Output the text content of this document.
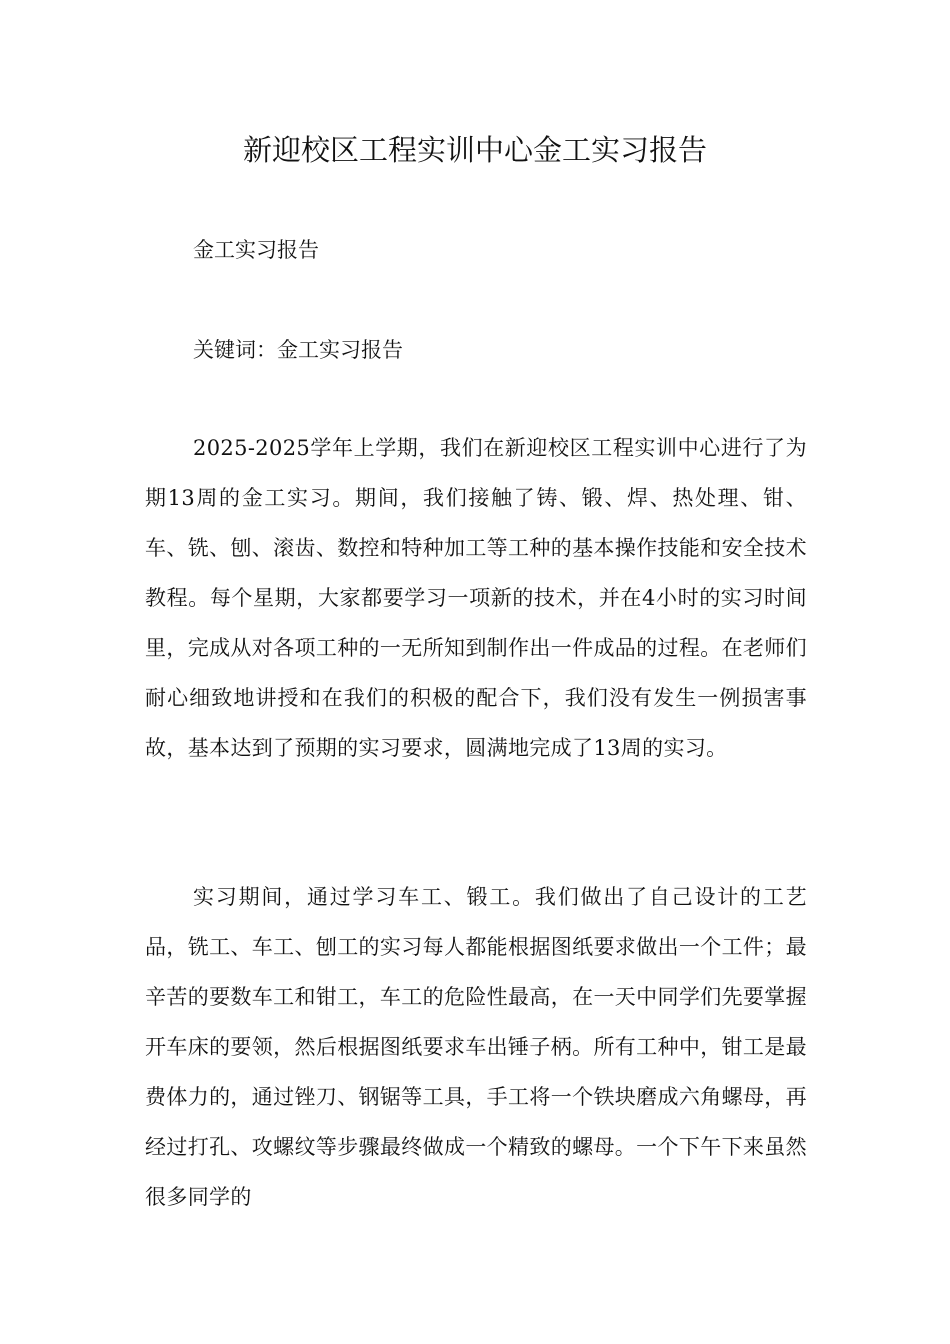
新迎校区工程实训中心金工实习报告

金工实习报告

关键词：金工实习报告

2025-2025学年上学期，我们在新迎校区工程实训中心进行了为期13周的金工实习。期间，我们接触了铸、锻、焊、热处理、钳、车、铣、刨、滚齿、数控和特种加工等工种的基本操作技能和安全技术教程。每个星期，大家都要学习一项新的技术，并在4小时的实习时间里，完成从对各项工种的一无所知到制作出一件成品的过程。在老师们耐心细致地讲授和在我们的积极的配合下，我们没有发生一例损害事故，基本达到了预期的实习要求，圆满地完成了13周的实习。

实习期间，通过学习车工、锻工。我们做出了自己设计的工艺品，铣工、车工、刨工的实习每人都能根据图纸要求做出一个工件；最辛苦的要数车工和钳工，车工的危险性最高，在一天中同学们先要掌握开车床的要领，然后根据图纸要求车出锤子柄。所有工种中，钳工是最费体力的，通过锉刀、钢锯等工具，手工将一个铁块磨成六角螺母，再经过打孔、攻螺纹等步骤最终做成一个精致的螺母。一个下午下来虽然很多同学的
